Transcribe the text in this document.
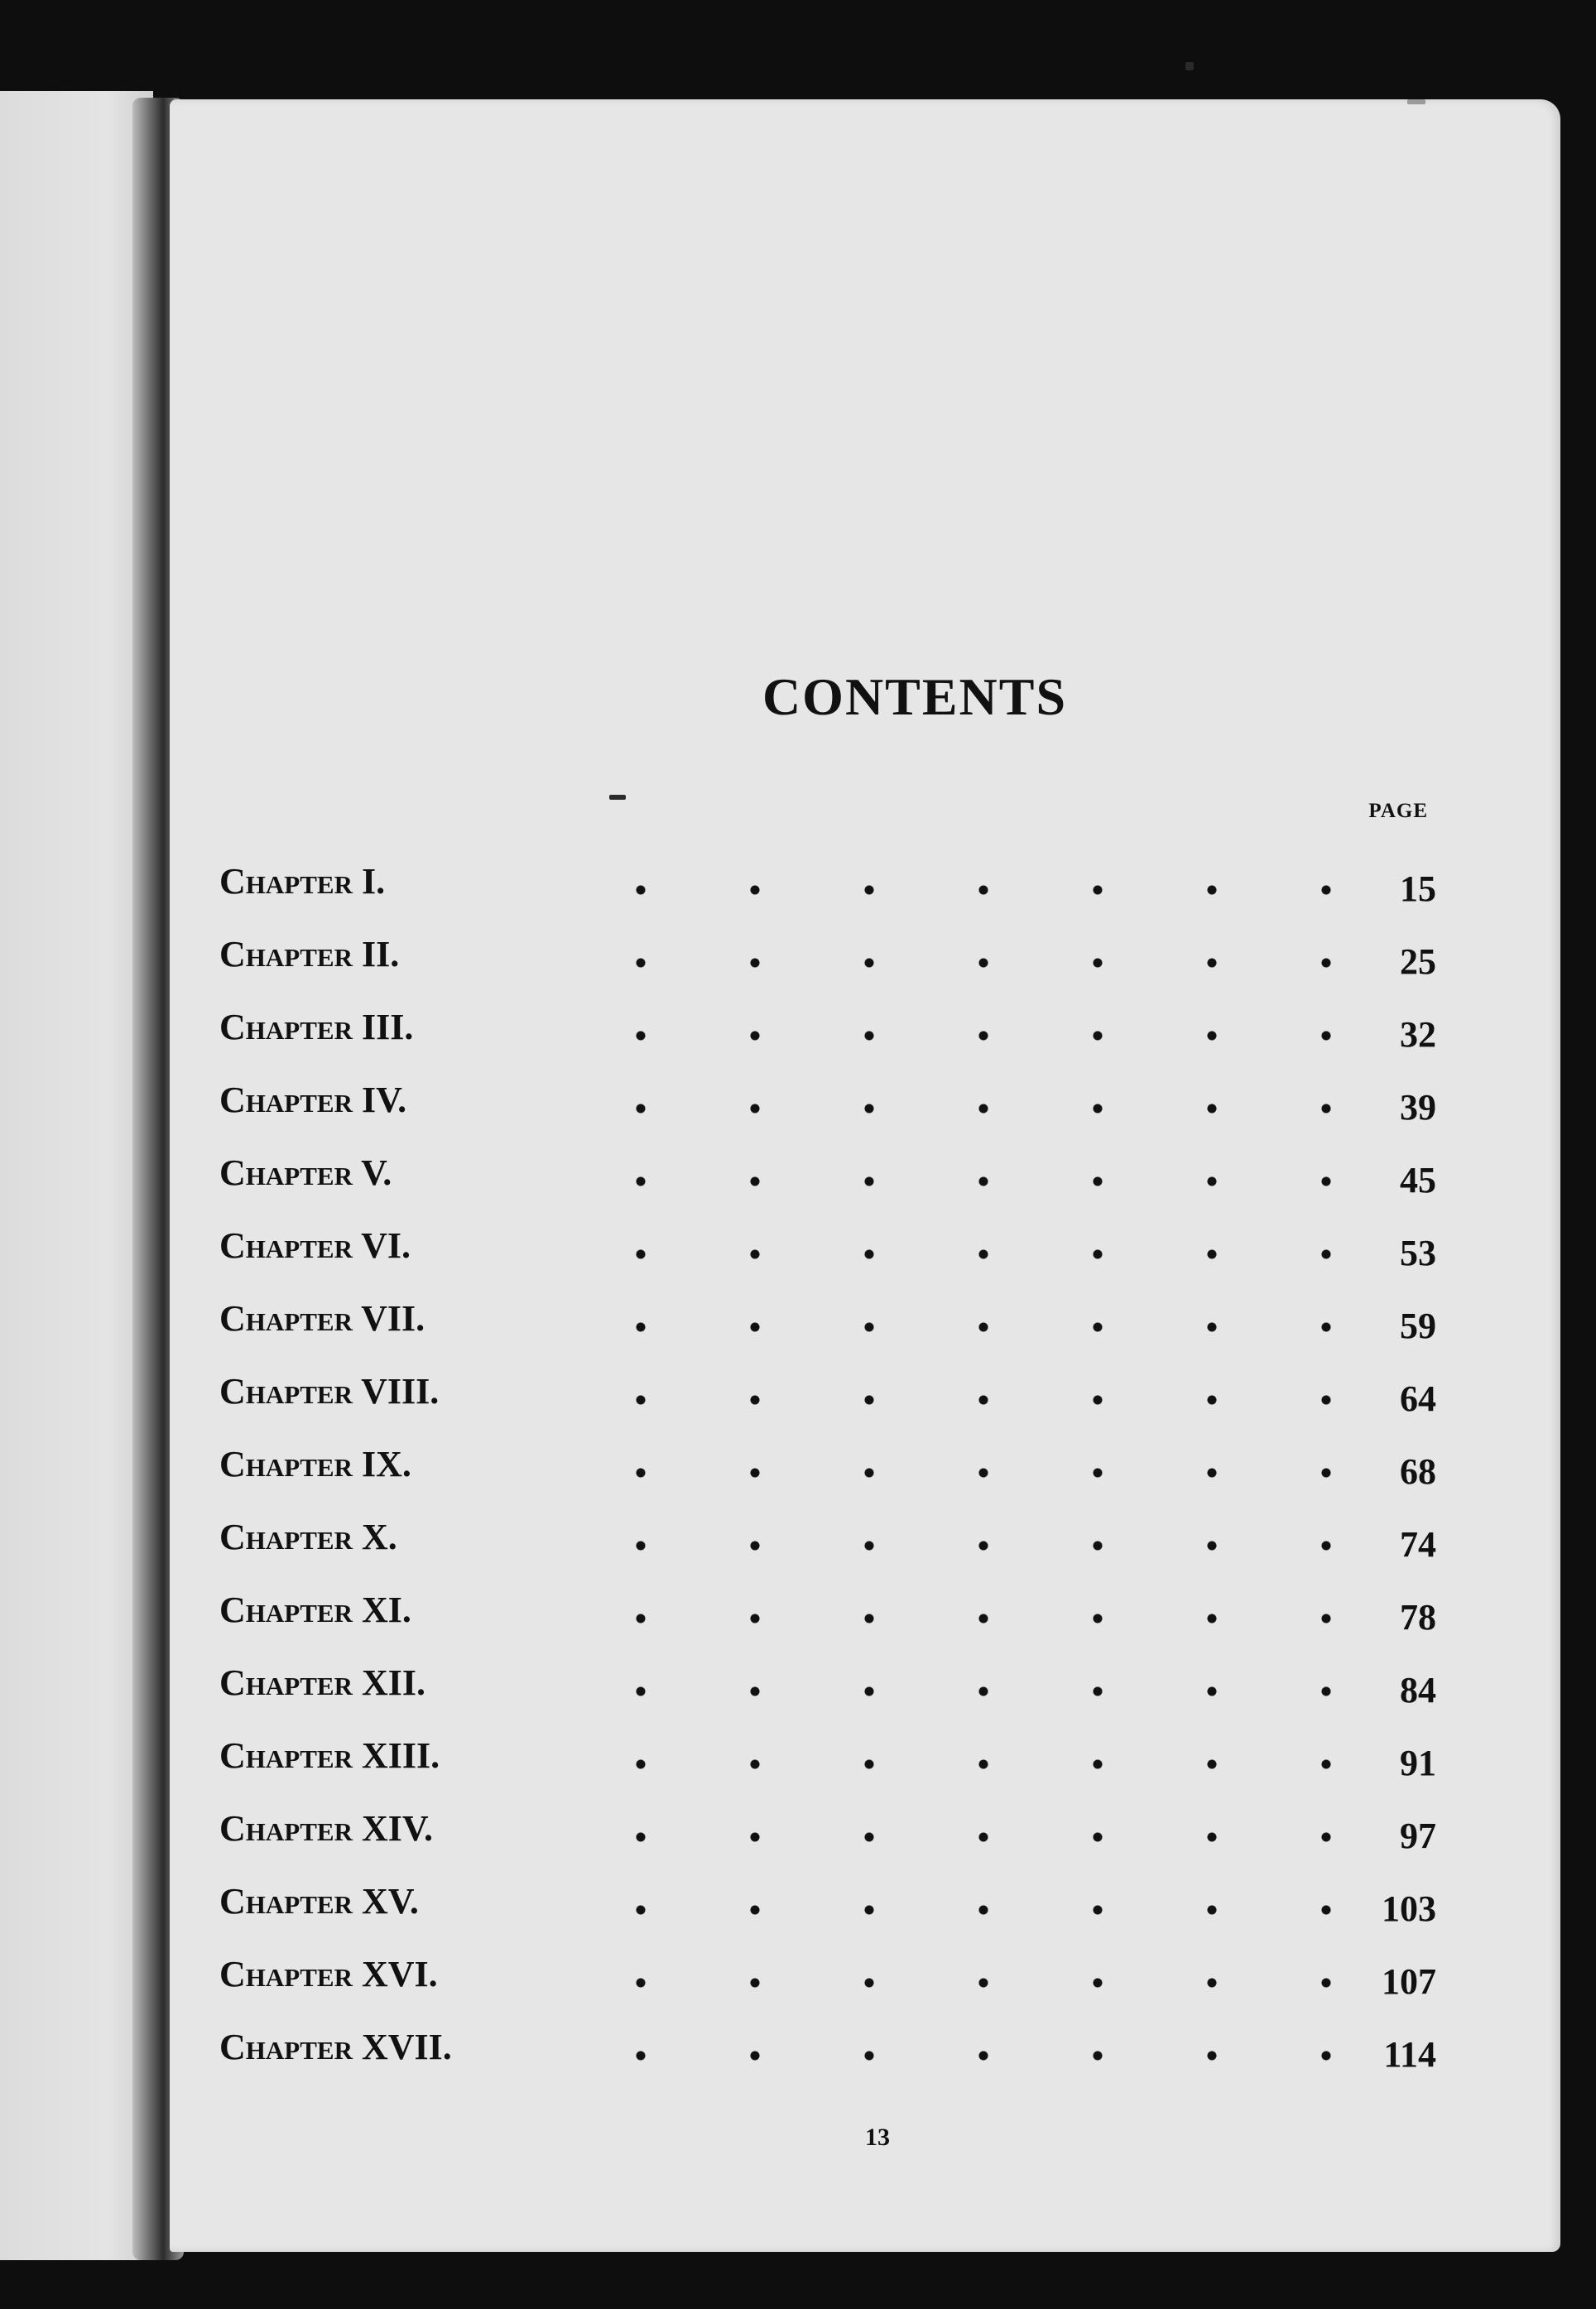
CONTENTS
PAGE
Chapter I.	15
Chapter II.	25
Chapter III.	32
Chapter IV.	39
Chapter V.	45
Chapter VI.	53
Chapter VII.	59
Chapter VIII.	64
Chapter IX.	68
Chapter X.	74
Chapter XI.	78
Chapter XII.	84
Chapter XIII.	91
Chapter XIV.	97
Chapter XV.	103
Chapter XVI.	107
Chapter XVII.	114
13
